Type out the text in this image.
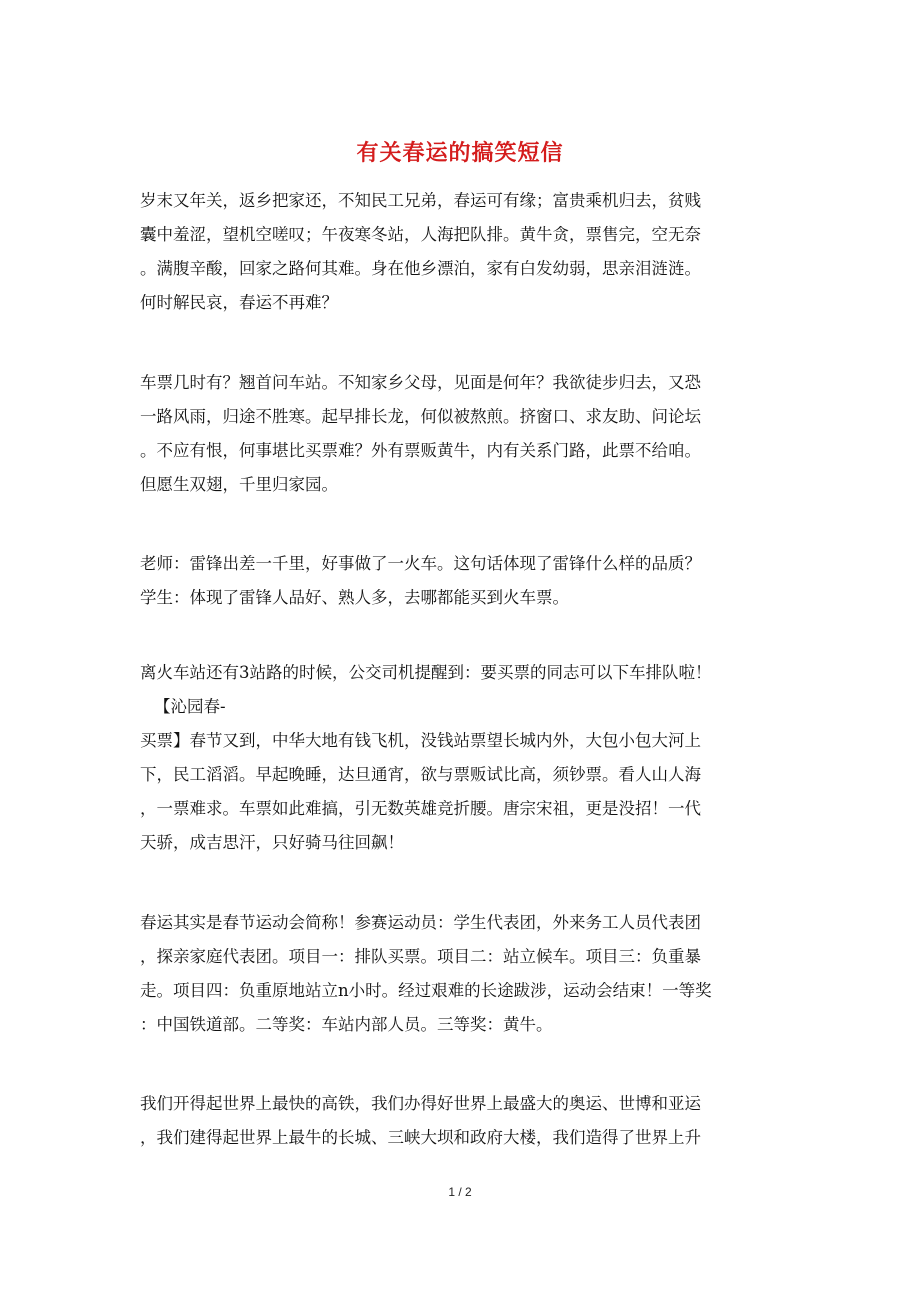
有关春运的搞笑短信
岁末又年关，返乡把家还，不知民工兄弟，春运可有缘；富贵乘机归去，贫贱
囊中羞涩，望机空嗟叹；午夜寒冬站，人海把队排。黄牛贪，票售完，空无奈
。满腹辛酸，回家之路何其难。身在他乡漂泊，家有白发幼弱，思亲泪涟涟。
何时解民哀，春运不再难？
车票几时有？翘首问车站。不知家乡父母，见面是何年？我欲徒步归去，又恐
一路风雨，归途不胜寒。起早排长龙，何似被熬煎。挤窗口、求友助、问论坛
。不应有恨，何事堪比买票难？外有票贩黄牛，内有关系门路，此票不给咱。
但愿生双翅，千里归家园。
老师：雷锋出差一千里，好事做了一火车。这句话体现了雷锋什么样的品质？
学生：体现了雷锋人品好、熟人多，去哪都能买到火车票。
离火车站还有3站路的时候，公交司机提醒到：要买票的同志可以下车排队啦！
【沁园春-
买票】春节又到，中华大地有钱飞机，没钱站票望长城内外，大包小包大河上
下，民工滔滔。早起晚睡，达旦通宵，欲与票贩试比高，须钞票。看人山人海
，一票难求。车票如此难搞，引无数英雄竞折腰。唐宗宋祖，更是没招！一代
天骄，成吉思汗，只好骑马往回飙！
春运其实是春节运动会简称！参赛运动员：学生代表团，外来务工人员代表团
，探亲家庭代表团。项目一：排队买票。项目二：站立候车。项目三：负重暴
走。项目四：负重原地站立n小时。经过艰难的长途跋涉，运动会结束！一等奖
：中国铁道部。二等奖：车站内部人员。三等奖：黄牛。
我们开得起世界上最快的高铁，我们办得好世界上最盛大的奥运、世博和亚运
，我们建得起世界上最牛的长城、三峡大坝和政府大楼，我们造得了世界上升
1 / 2
